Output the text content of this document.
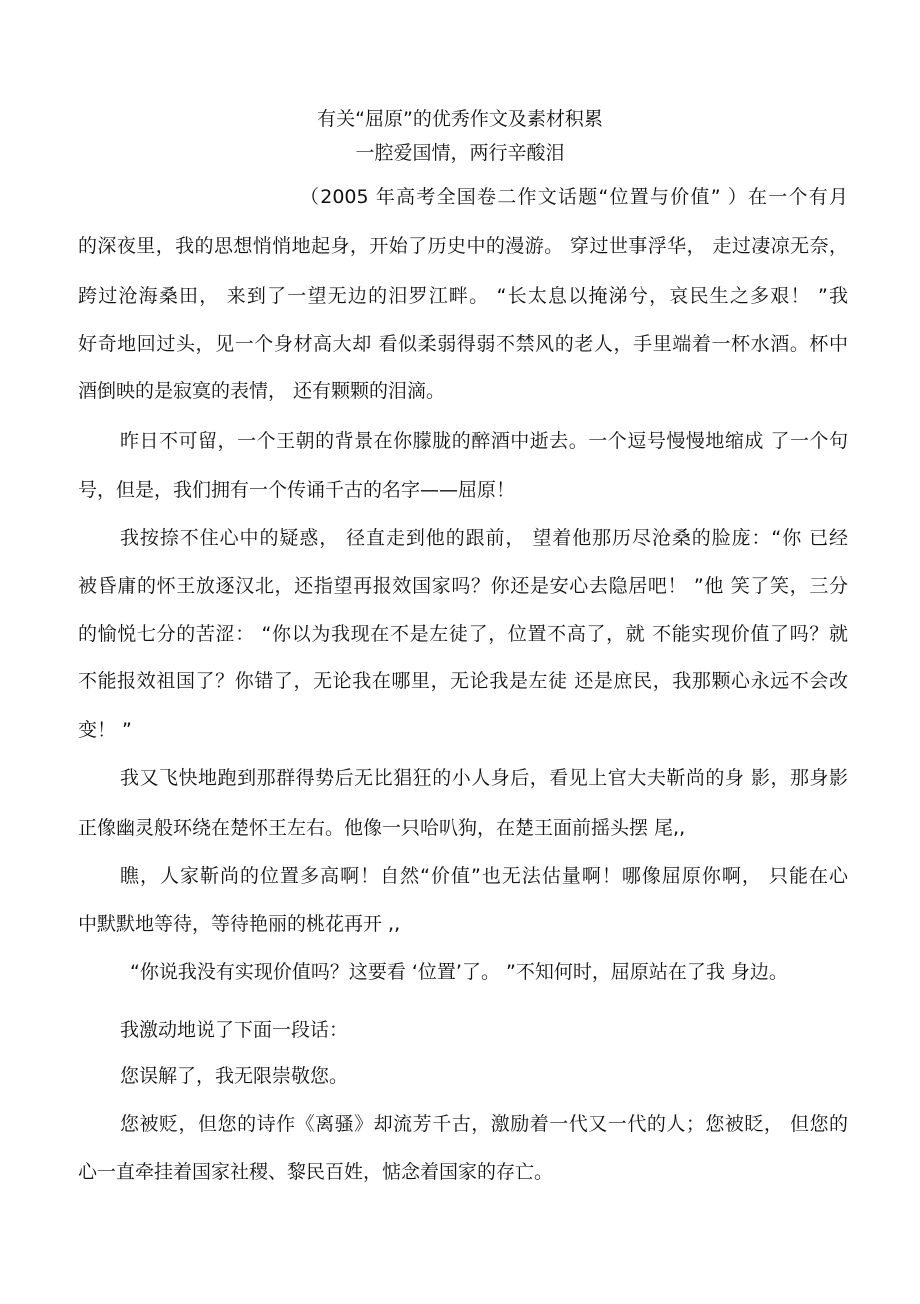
有关“屈原”的优秀作文及素材积累
一腔爱国情，两行辛酸泪
（2005 年高考全国卷二作文话题“位置与价值” ）在一个有月
的深夜里，我的思想悄悄地起身，开始了历史中的漫游。 穿过世事浮华， 走过凄凉无奈，
跨过沧海桑田， 来到了一望无边的汨罗江畔。 “长太息以掩涕兮，哀民生之多艰！ ”我
好奇地回过头，见一个身材高大却 看似柔弱得弱不禁风的老人，手里端着一杯水酒。杯中
酒倒映的是寂寞的表情， 还有颗颗的泪滴。
昨日不可留，一个王朝的背景在你朦胧的醉酒中逝去。一个逗号慢慢地缩成 了一个句
号，但是，我们拥有一个传诵千古的名字——屈原！
我按捺不住心中的疑惑， 径直走到他的跟前， 望着他那历尽沧桑的脸庞：“你 已经
被昏庸的怀王放逐汉北，还指望再报效国家吗？你还是安心去隐居吧！ ”他 笑了笑，三分
的愉悦七分的苦涩： “你以为我现在不是左徒了，位置不高了，就 不能实现价值了吗？就
不能报效祖国了？你错了，无论我在哪里，无论我是左徒 还是庶民，我那颗心永远不会改
变！ ”
我又飞快地跑到那群得势后无比猖狂的小人身后，看见上官大夫靳尚的身 影，那身影
正像幽灵般环绕在楚怀王左右。他像一只哈叭狗，在楚王面前摇头摆 尾,,
瞧，人家靳尚的位置多高啊！自然“价值”也无法估量啊！哪像屈原你啊， 只能在心
中默默地等待，等待艳丽的桃花再开 ,,
“你说我没有实现价值吗？这要看 ‘位置’了。 ”不知何时，屈原站在了我 身边。
我激动地说了下面一段话：
您误解了，我无限崇敬您。
您被贬，但您的诗作《离骚》却流芳千古，激励着一代又一代的人；您被眨， 但您的
心一直牵挂着国家社稷、黎民百姓，惦念着国家的存亡。
